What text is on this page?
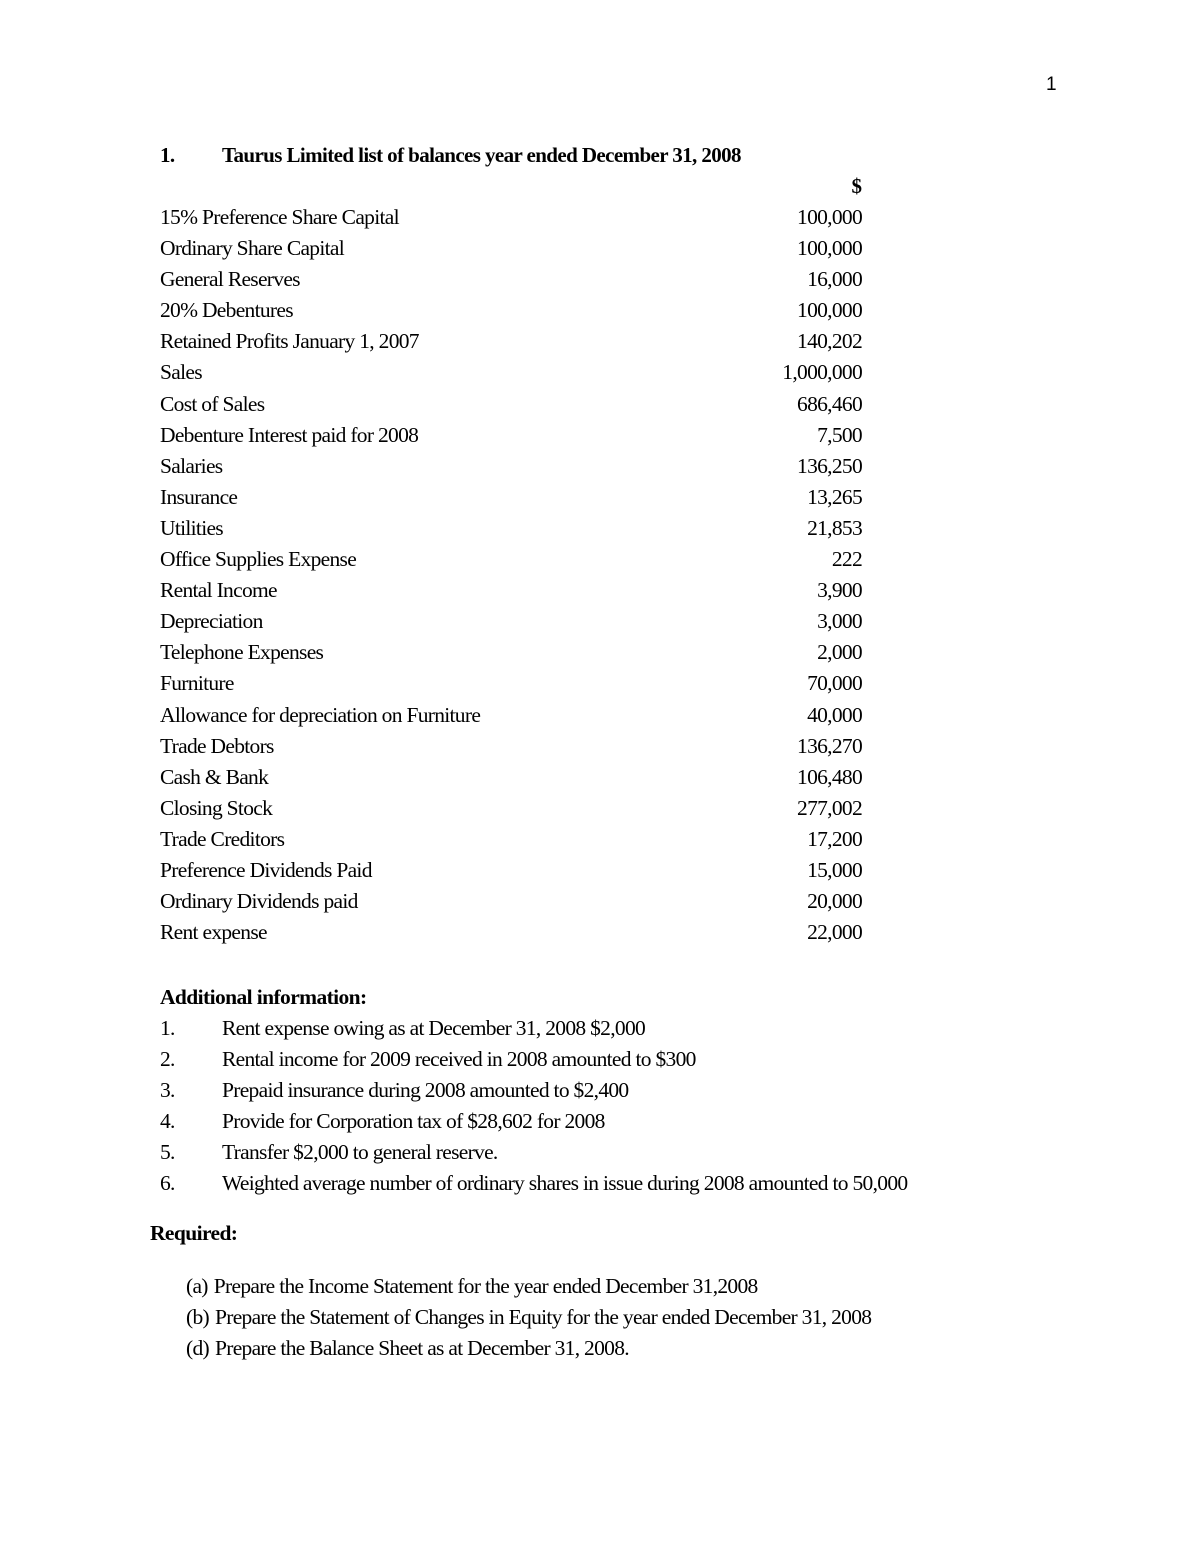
1
1. Taurus Limited list of balances year ended December 31, 2008
$
15% Preference Share Capital	100,000
Ordinary Share Capital	100,000
General Reserves	16,000
20% Debentures	100,000
Retained Profits January 1, 2007	140,202
Sales	1,000,000
Cost of Sales	686,460
Debenture Interest paid for 2008	7,500
Salaries	136,250
Insurance	13,265
Utilities	21,853
Office Supplies Expense	222
Rental Income	3,900
Depreciation	3,000
Telephone Expenses	2,000
Furniture	70,000
Allowance for depreciation on Furniture	40,000
Trade Debtors	136,270
Cash & Bank	106,480
Closing Stock	277,002
Trade Creditors	17,200
Preference Dividends Paid	15,000
Ordinary Dividends paid	20,000
Rent expense	22,000
Additional information:
1.	Rent expense owing as at December 31, 2008 $2,000
2.	Rental income for 2009 received in 2008 amounted to $300
3.	Prepaid insurance during 2008 amounted to $2,400
4.	Provide for Corporation tax of $28,602 for 2008
5.	Transfer $2,000 to general reserve.
6.	Weighted average number of ordinary shares in issue during 2008 amounted to 50,000
Required:
(a) Prepare the Income Statement for the year ended December 31,2008
(b) Prepare the Statement of Changes in Equity for the year ended December 31, 2008
(d) Prepare the Balance Sheet as at December 31, 2008.
